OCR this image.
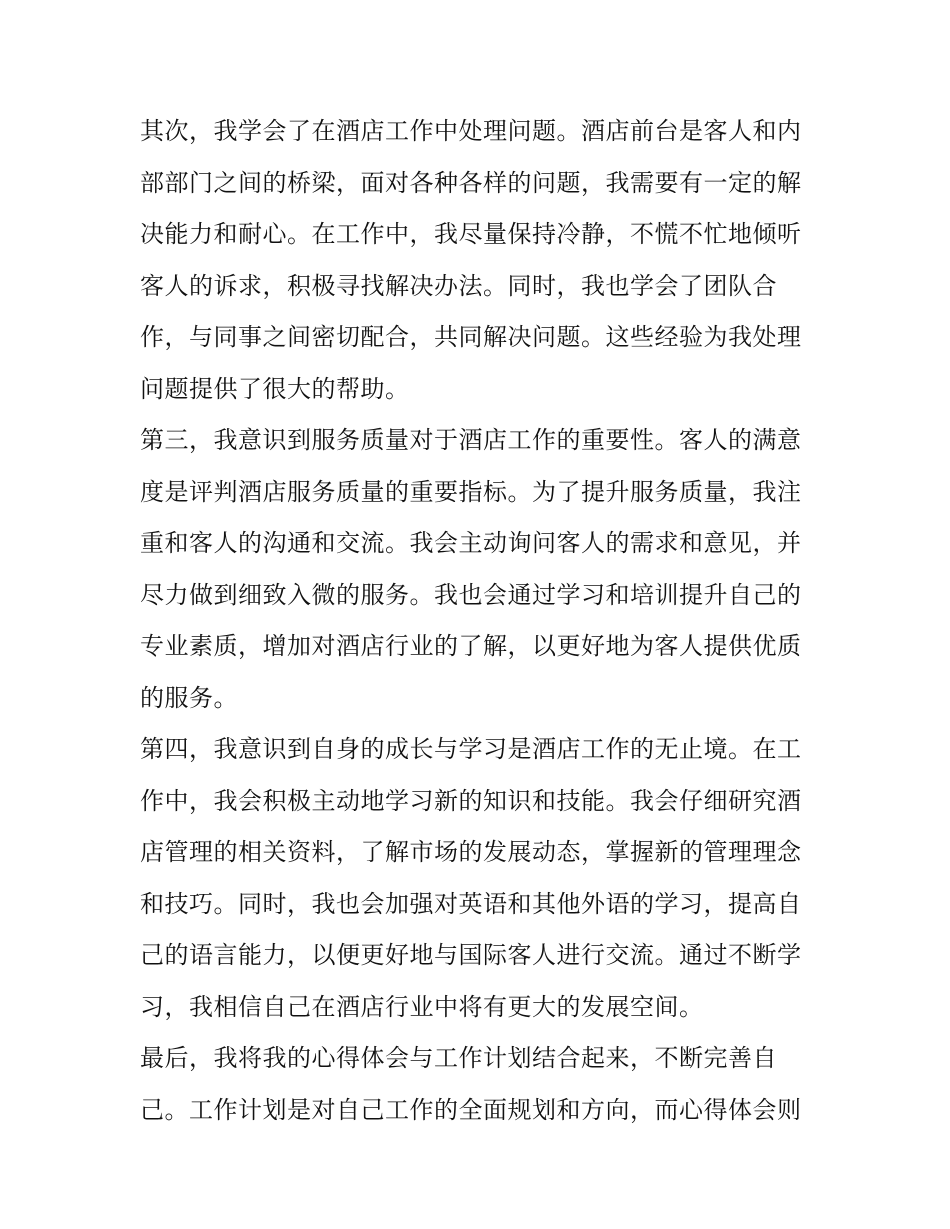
其次，我学会了在酒店工作中处理问题。酒店前台是客人和内
部部门之间的桥梁，面对各种各样的问题，我需要有一定的解
决能力和耐心。在工作中，我尽量保持冷静，不慌不忙地倾听
客人的诉求，积极寻找解决办法。同时，我也学会了团队合
作，与同事之间密切配合，共同解决问题。这些经验为我处理
问题提供了很大的帮助。
第三，我意识到服务质量对于酒店工作的重要性。客人的满意
度是评判酒店服务质量的重要指标。为了提升服务质量，我注
重和客人的沟通和交流。我会主动询问客人的需求和意见，并
尽力做到细致入微的服务。我也会通过学习和培训提升自己的
专业素质，增加对酒店行业的了解，以更好地为客人提供优质
的服务。
第四，我意识到自身的成长与学习是酒店工作的无止境。在工
作中，我会积极主动地学习新的知识和技能。我会仔细研究酒
店管理的相关资料，了解市场的发展动态，掌握新的管理理念
和技巧。同时，我也会加强对英语和其他外语的学习，提高自
己的语言能力，以便更好地与国际客人进行交流。通过不断学
习，我相信自己在酒店行业中将有更大的发展空间。
最后，我将我的心得体会与工作计划结合起来，不断完善自
己。工作计划是对自己工作的全面规划和方向，而心得体会则
